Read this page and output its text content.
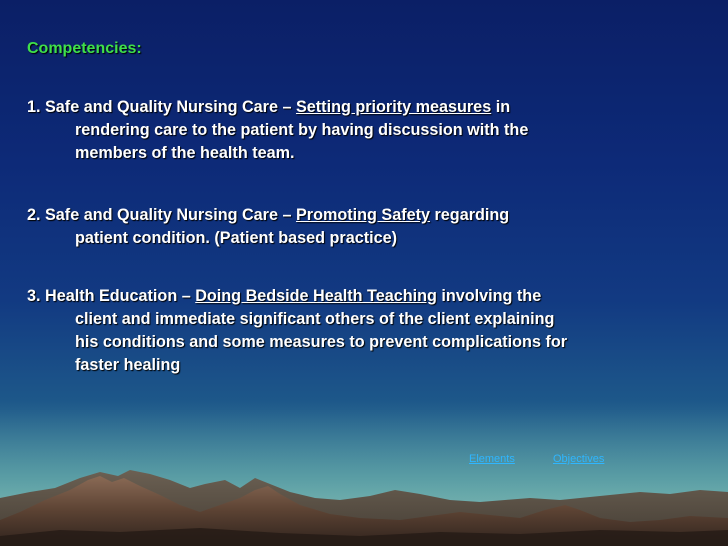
Competencies:
1. Safe and Quality Nursing Care – Setting priority measures in
rendering care to the patient by having discussion with the
members of the health team.
2. Safe and Quality Nursing Care – Promoting Safety regarding
patient condition. (Patient based practice)
3. Health Education – Doing Bedside Health Teaching involving the
client and immediate significant others of the client explaining
his conditions and some measures to prevent complications for
faster healing
Elements	Objectives
